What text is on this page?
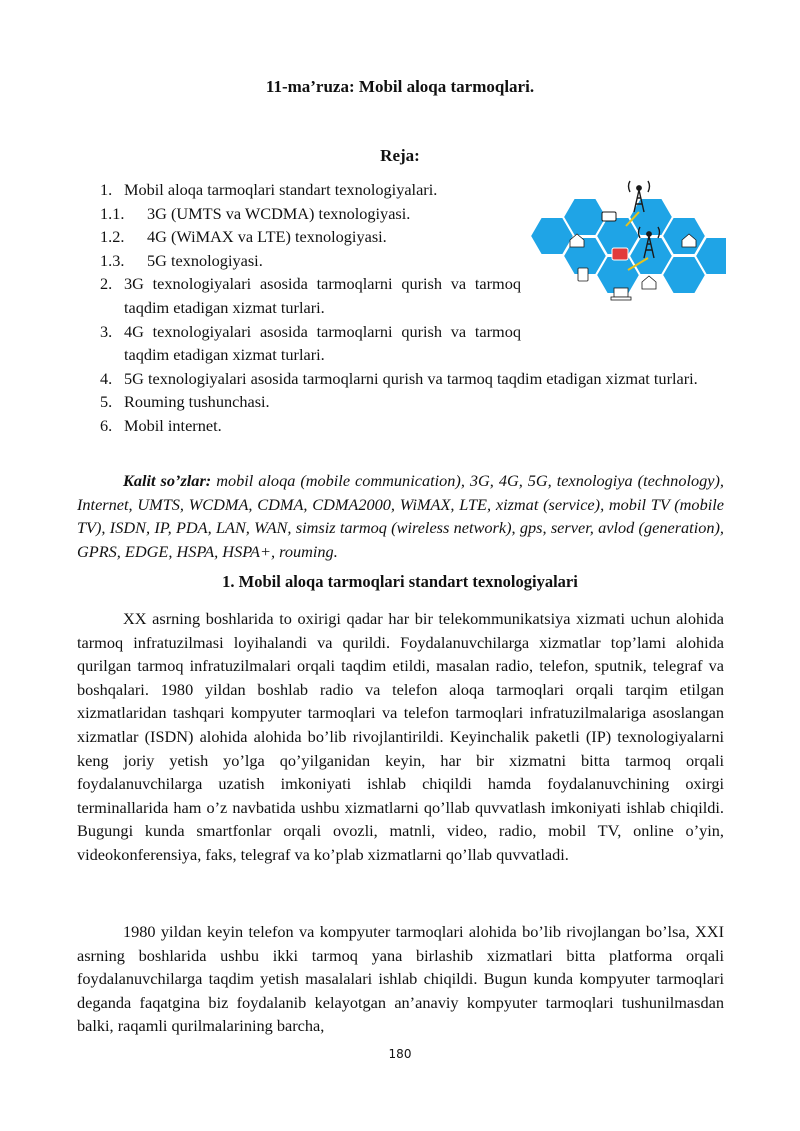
11-ma’ruza: Mobil aloqa tarmoqlari.
Reja:
1. Mobil aloqa tarmoqlari standart texnologiyalari.
1.1.	3G (UMTS va WCDMA) texnologiyasi.
1.2.	4G (WiMAX va LTE) texnologiyasi.
1.3.	5G texnologiyasi.
2. 3G texnologiyalari asosida tarmoqlarni qurish va tarmoq taqdim etadigan xizmat turlari.
3. 4G texnologiyalari asosida tarmoqlarni qurish va tarmoq taqdim etadigan xizmat turlari.
4. 5G texnologiyalari asosida tarmoqlarni qurish va tarmoq taqdim etadigan xizmat turlari.
5. Rouming tushunchasi.
6. Mobil internet.
Kalit so’zlar: mobil aloqa (mobile communication), 3G, 4G, 5G, texnologiya (technology), Internet, UMTS, WCDMA, CDMA, CDMA2000, WiMAX, LTE, xizmat (service), mobil TV (mobile TV), ISDN, IP, PDA, LAN, WAN, simsiz tarmoq (wireless network), gps, server, avlod (generation), GPRS, EDGE, HSPA, HSPA+, rouming.
1. Mobil aloqa tarmoqlari standart texnologiyalari
XX asrning boshlarida to oxirigi qadar har bir telekommunikatsiya xizmati uchun alohida tarmoq infratuzilmasi loyihalandi va qurildi. Foydalanuvchilarga xizmatlar top’lami alohida qurilgan tarmoq infratuzilmalari orqali taqdim etildi, masalan radio, telefon, sputnik, telegraf va boshqalari. 1980 yildan boshlab radio va telefon aloqa tarmoqlari orqali tarqim etilgan xizmatlaridan tashqari kompyuter tarmoqlari va telefon tarmoqlari infratuzilmalariga asoslangan xizmatlar (ISDN) alohida alohida bo’lib rivojlantirildi. Keyinchalik paketli (IP) texnologiyalarni keng joriy yetish yo’lga qo’yilganidan keyin, har bir xizmatni bitta tarmoq orqali foydalanuvchilarga uzatish imkoniyati ishlab chiqildi hamda foydalanuvchining oxirgi terminallarida ham o’z navbatida ushbu xizmatlarni qo’llab quvvatlash imkoniyati ishlab chiqildi. Bugungi kunda smartfonlar orqali ovozli, matnli, video, radio, mobil TV, online o’yin, videokonferensiya, faks, telegraf va ko’plab xizmatlarni qo’llab quvvatladi.
1980 yildan keyin telefon va kompyuter tarmoqlari alohida bo’lib rivojlangan bo’lsa, XXI asrning boshlarida ushbu ikki tarmoq yana birlashib xizmatlari bitta platforma orqali foydalanuvchilarga taqdim yetish masalalari ishlab chiqildi. Bugun kunda kompyuter tarmoqlari deganda faqatgina biz foydalanib kelayotgan an’anaviy kompyuter tarmoqlari tushunilmasdan balki, raqamli qurilmalarining barcha,
180
